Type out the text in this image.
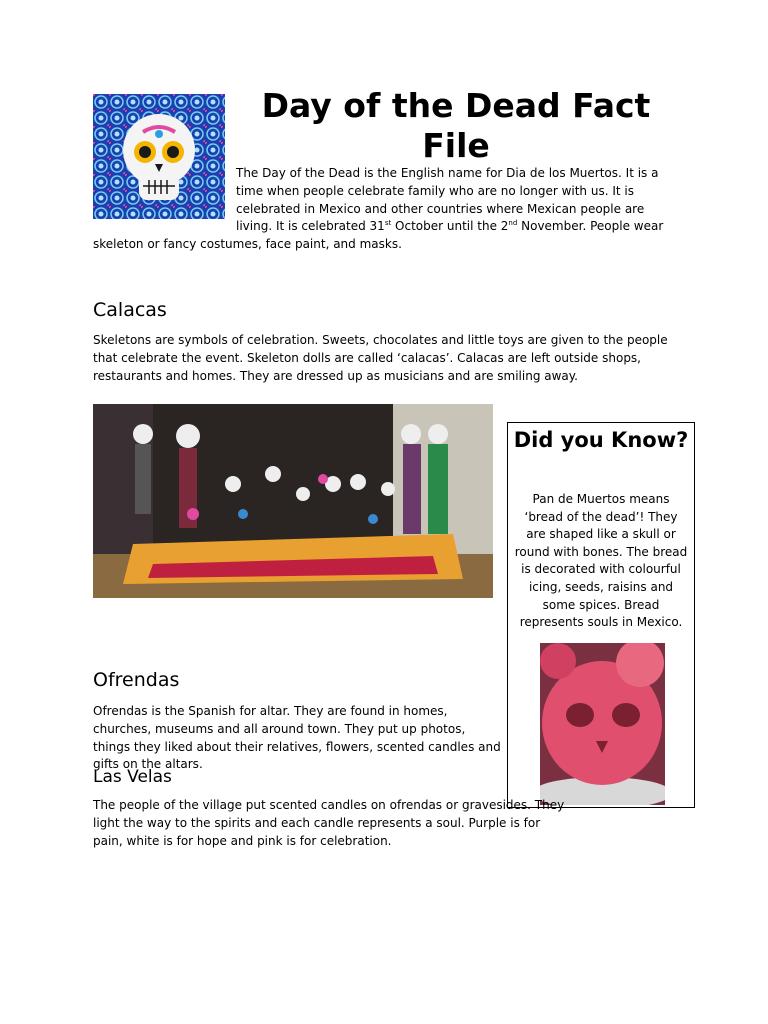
Day of the Dead Fact File

The Day of the Dead is the English name for Dia de los Muertos. It is a time when people celebrate family who are no longer with us. It is celebrated in Mexico and other countries where Mexican people are living. It is celebrated 31st October until the 2nd November. People wear skeleton or fancy costumes, face paint, and masks.

Calacas

Skeletons are symbols of celebration. Sweets, chocolates and little toys are given to the people that celebrate the event. Skeleton dolls are called ‘calacas’. Calacas are left outside shops, restaurants and homes. They are dressed up as musicians and are smiling away.

Did you Know?

Pan de Muertos means ‘bread of the dead’! They are shaped like a skull or round with bones. The bread is decorated with colourful icing, seeds, raisins and some spices. Bread represents souls in Mexico.

Ofrendas

Ofrendas is the Spanish for altar. They are found in homes, churches, museums and all around town. They put up photos, things they liked about their relatives, flowers, scented candles and gifts on the altars.

Las Velas

The people of the village put scented candles on ofrendas or gravesides. They light the way to the spirits and each candle represents a soul. Purple is for pain, white is for hope and pink is for celebration.
